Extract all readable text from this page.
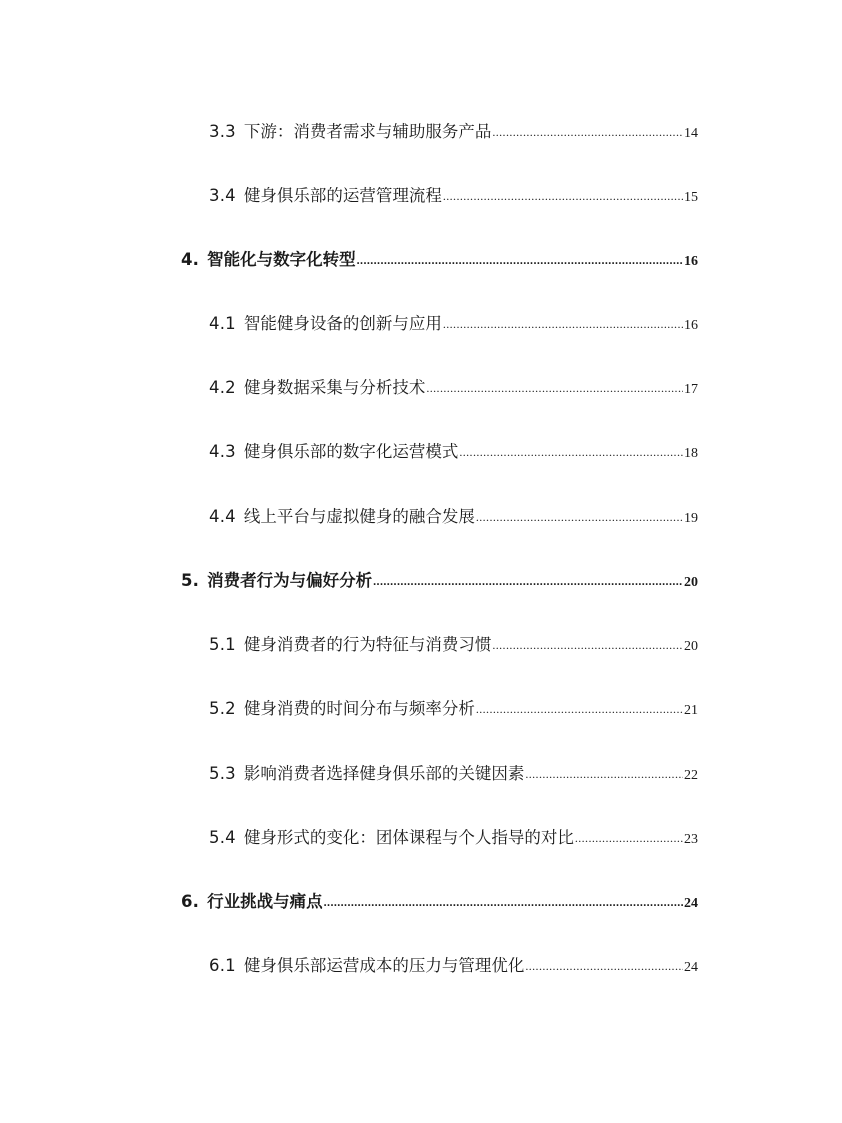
3.3 下游：消费者需求与辅助服务产品 .....	14
3.4 健身俱乐部的运营管理流程 .....	15
4. 智能化与数字化转型 .....	16
4.1 智能健身设备的创新与应用 .....	16
4.2 健身数据采集与分析技术 .....	17
4.3 健身俱乐部的数字化运营模式 .....	18
4.4 线上平台与虚拟健身的融合发展 .....	19
5. 消费者行为与偏好分析 .....	20
5.1 健身消费者的行为特征与消费习惯 .....	20
5.2 健身消费的时间分布与频率分析 .....	21
5.3 影响消费者选择健身俱乐部的关键因素 .....	22
5.4 健身形式的变化：团体课程与个人指导的对比 .....	23
6. 行业挑战与痛点 .....	24
6.1 健身俱乐部运营成本的压力与管理优化 .....	24
